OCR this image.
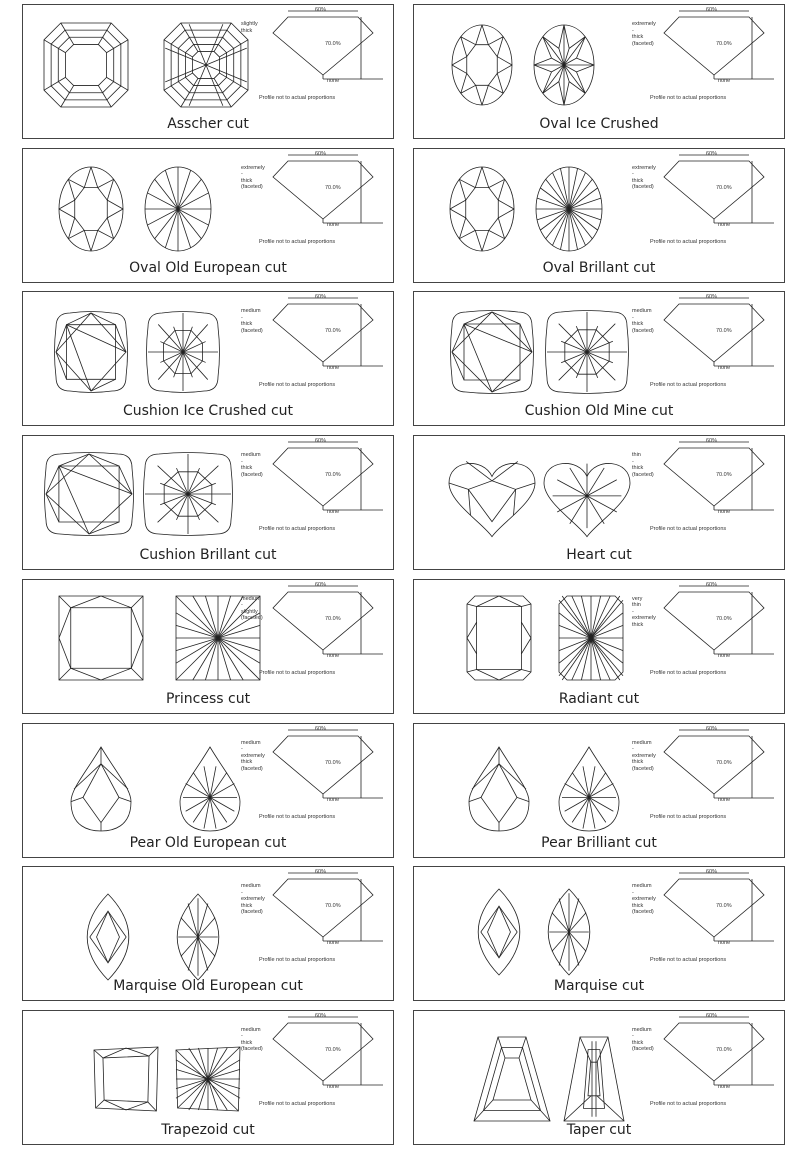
slightly
thick
60%
70.0%
none
Profile not to actual proportions
Asscher cut
extremely
-
thick
(faceted)
60%
70.0%
none
Profile not to actual proportions
Oval Ice Crushed
extremely
-
thick
(faceted)
60%
70.0%
none
Profile not to actual proportions
Oval Old European cut
extremely
-
thick
(faceted)
60%
70.0%
none
Profile not to actual proportions
Oval Brillant cut
medium
-
thick
(faceted)
60%
70.0%
none
Profile not to actual proportions
Cushion Ice Crushed cut
medium
-
thick
(faceted)
60%
70.0%
none
Profile not to actual proportions
Cushion Old Mine cut
medium
-
thick
(faceted)
60%
70.0%
none
Profile not to actual proportions
Cushion Brillant cut
thin
-
thick
(faceted)
60%
70.0%
none
Profile not to actual proportions
Heart cut
medium
-
slightly
(faceted)
60%
70.0%
none
Profile not to actual proportions
Princess cut
very
thin
-
extremely
thick
60%
70.0%
none
Profile not to actual proportions
Radiant cut
medium
-
extremely
thick
(faceted)
60%
70.0%
none
Profile not to actual proportions
Pear Old European cut
medium
-
extremely
thick
(faceted)
60%
70.0%
none
Profile not to actual proportions
Pear Brilliant cut
medium
-
extremely
thick
(faceted)
60%
70.0%
none
Profile not to actual proportions
Marquise Old European cut
medium
-
extremely
thick
(faceted)
60%
70.0%
none
Profile not to actual proportions
Marquise cut
medium
-
thick
(faceted)
60%
70.0%
none
Profile not to actual proportions
Trapezoid cut
medium
-
thick
(faceted)
60%
70.0%
none
Profile not to actual proportions
Taper cut
